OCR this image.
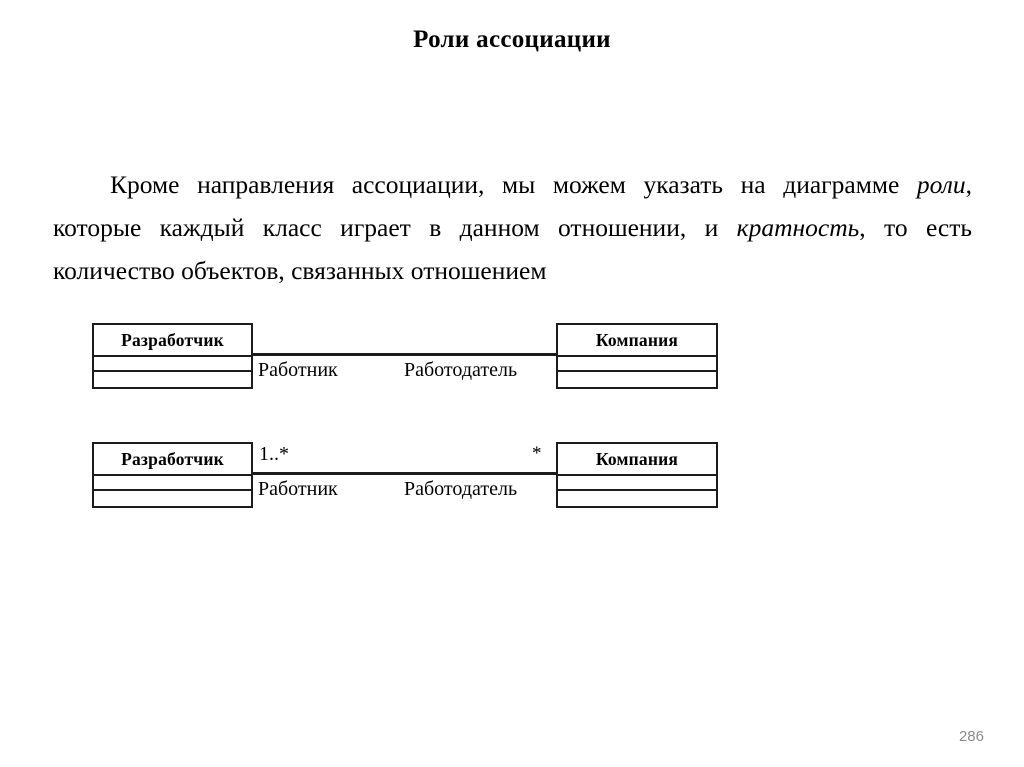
Роли ассоциации

Кроме направления ассоциации, мы можем указать на диаграмме роли, которые каждый класс играет в данном отношении, и кратность, то есть количество объектов, связанных отношением

Разработчик
Работник	Работодатель
Компания
Разработчик	1..*	*
Работник	Работодатель
Компания
286
